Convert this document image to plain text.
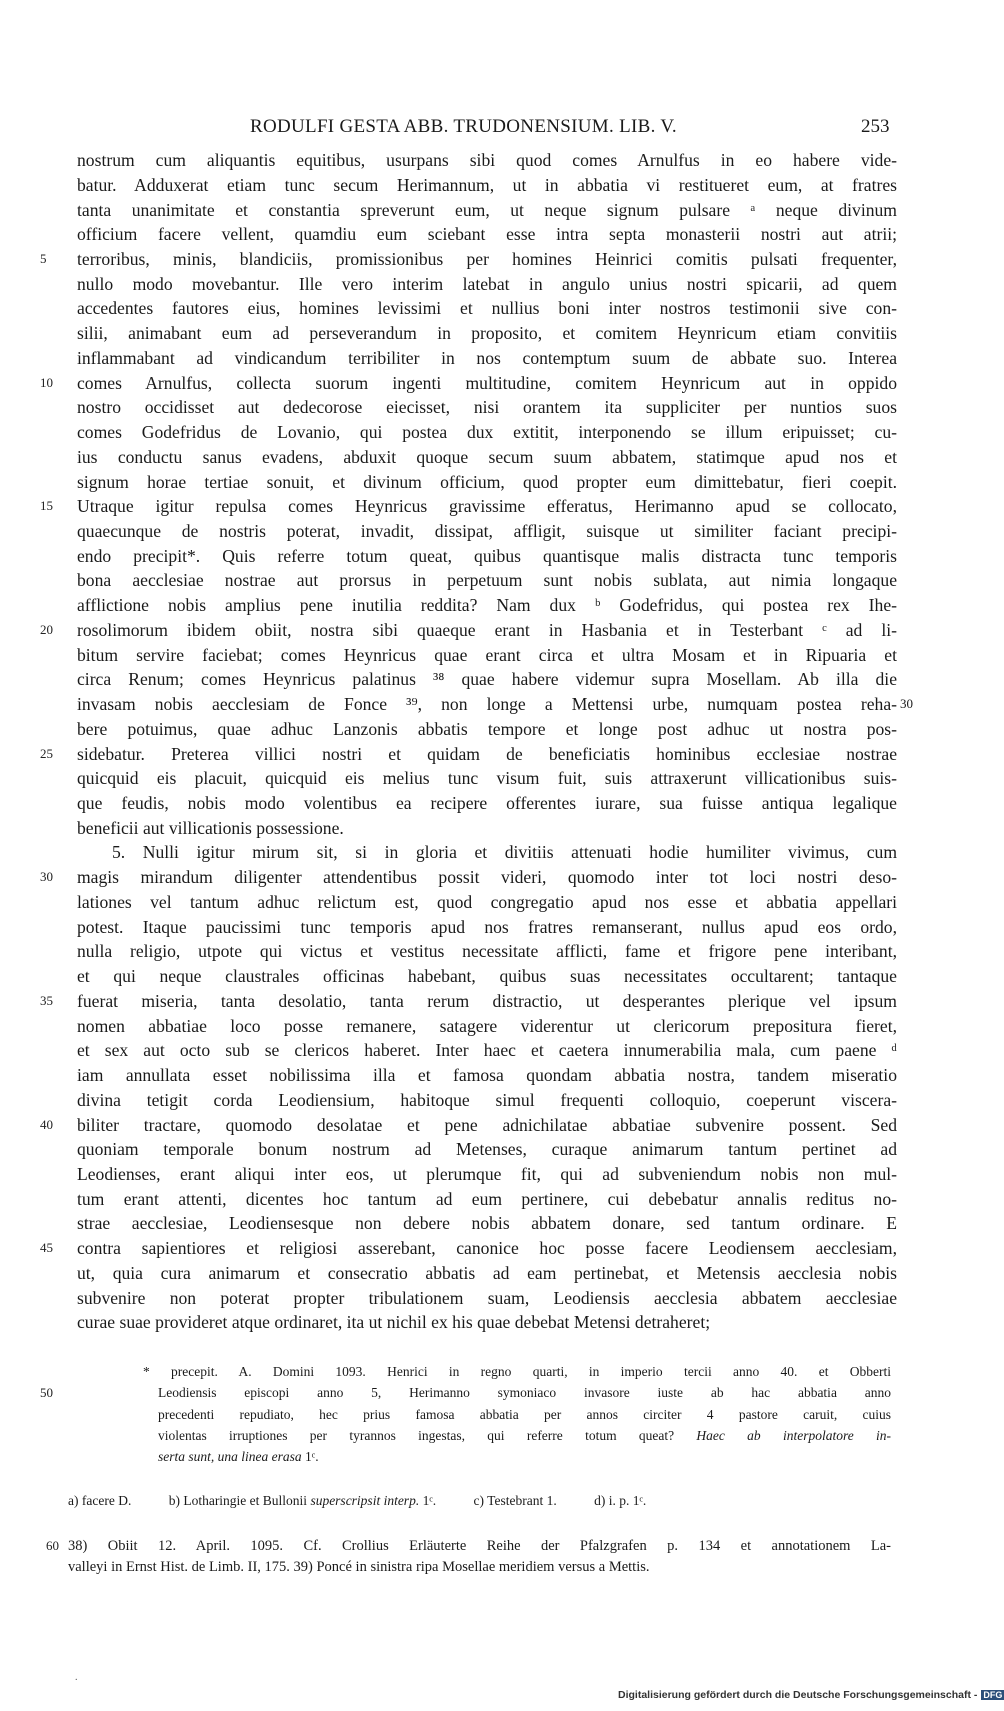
RODULFI GESTA ABB. TRUDONENSIUM. LIB. V.	253
nostrum cum aliquantis equitibus, usurpans sibi quod comes Arnulfus in eo habere vide-
batur. Adduxerat etiam tunc secum Herimannum, ut in abbatia vi restitueret eum, at fratres
tanta unanimitate et constantia spreverunt eum, ut neque signum pulsare ᵃ neque divinum
officium facere vellent, quamdiu eum sciebant esse intra septa monasterii nostri aut atrii;
5	terroribus, minis, blandiciis, promissionibus per homines Heinrici comitis pulsati frequenter,
nullo modo movebantur. Ille vero interim latebat in angulo unius nostri spicarii, ad quem
accedentes fautores eius, homines levissimi et nullius boni inter nostros testimonii sive con-
silii, animabant eum ad perseverandum in proposito, et comitem Heynricum etiam convitiis
inflammabant ad vindicandum terribiliter in nos contemptum suum de abbate suo. Interea
10	comes Arnulfus, collecta suorum ingenti multitudine, comitem Heynricum aut in oppido
nostro occidisset aut dedecorose eiecisset, nisi orantem ita suppliciter per nuntios suos
comes Godefridus de Lovanio, qui postea dux extitit, interponendo se illum eripuisset; cu-
ius conductu sanus evadens, abduxit quoque secum suum abbatem, statimque apud nos et
signum horae tertiae sonuit, et divinum officium, quod propter eum dimittebatur, fieri coepit.
15	Utraque igitur repulsa comes Heynricus gravissime efferatus, Herimanno apud se collocato,
quaecunque de nostris poterat, invadit, dissipat, affligit, suisque ut similiter faciant precipi-
endo precipit*. Quis referre totum queat, quibus quantisque malis distracta tunc temporis
bona aecclesiae nostrae aut prorsus in perpetuum sunt nobis sublata, aut nimia longaque
afflictione nobis amplius pene inutilia reddita? Nam dux ᵇ Godefridus, qui postea rex Ihe-
20	rosolimorum ibidem obiit, nostra sibi quaeque erant in Hasbania et in Testerbant ᶜ ad li-
bitum servire faciebat; comes Heynricus quae erant circa et ultra Mosam et in Ripuaria et
circa Renum; comes Heynricus palatinus ³⁸ quae habere videmur supra Mosellam. Ab illa die
invasam nobis aecclesiam de Fonce ³⁹, non longe a Mettensi urbe, numquam postea reha- 30
bere potuimus, quae adhuc Lanzonis abbatis tempore et longe post adhuc ut nostra pos-
25	sidebatur. Preterea villici nostri et quidam de beneficiatis hominibus ecclesiae nostrae
quicquid eis placuit, quicquid eis melius tunc visum fuit, suis attraxerunt villicationibus suis-
que feudis, nobis modo volentibus ea recipere offerentes iurare, sua fuisse antiqua legalique
beneficii aut villicationis possessione.
5. Nulli igitur mirum sit, si in gloria et divitiis attenuati hodie humiliter vivimus, cum
30	magis mirandum diligenter attendentibus possit videri, quomodo inter tot loci nostri deso-
lationes vel tantum adhuc relictum est, quod congregatio apud nos esse et abbatia appellari
potest. Itaque paucissimi tunc temporis apud nos fratres remanserant, nullus apud eos ordo,
nulla religio, utpote qui victus et vestitus necessitate afflicti, fame et frigore pene interibant,
et qui neque claustrales officinas habebant, quibus suas necessitates occultarent; tantaque
35	fuerat miseria, tanta desolatio, tanta rerum distractio, ut desperantes plerique vel ipsum
nomen abbatiae loco posse remanere, satagere viderentur ut clericorum prepositura fieret,
et sex aut octo sub se clericos haberet. Inter haec et caetera innumerabilia mala, cum paene ᵈ
iam annullata esset nobilissima illa et famosa quondam abbatia nostra, tandem miseratio
divina tetigit corda Leodiensium, habitoque simul frequenti colloquio, coeperunt viscera-
40	biliter tractare, quomodo desolatae et pene adnichilatae abbatiae subvenire possent. Sed
quoniam temporale bonum nostrum ad Metenses, curaque animarum tantum pertinet ad
Leodienses, erant aliqui inter eos, ut plerumque fit, qui ad subveniendum nobis non mul-
tum erant attenti, dicentes hoc tantum ad eum pertinere, cui debebatur annalis reditus no-
strae aecclesiae, Leodiensesque non debere nobis abbatem donare, sed tantum ordinare. E
45	contra sapientiores et religiosi asserebant, canonice hoc posse facere Leodiensem aecclesiam,
ut, quia cura animarum et consecratio abbatis ad eam pertinebat, et Metensis aecclesia nobis
subvenire non poterat propter tribulationem suam, Leodiensis aecclesia abbatem aecclesiae
curae suae provideret atque ordinaret, ita ut nichil ex his quae debebat Metensi detraheret;
* precepit. A. Domini 1093. Henrici in regno quarti, in imperio tercii anno 40. et Obberti
50	Leodiensis episcopi anno 5, Herimanno symoniaco invasore iuste ab hac abbatia anno
precedenti repudiato, hec prius famosa abbatia per annos circiter 4 pastore caruit, cuius
violentas irruptiones per tyrannos ingestas, qui referre totum queat? Haec ab interpolatore in-
serta sunt, una linea erasa 1ᶜ.
a) facere D.	b) Lotharingie et Bullonii superscripsit interp. 1ᶜ.	c) Testebrant 1.	d) i. p. 1ᶜ.
60 38) Obiit 12. April. 1095. Cf. Crollius Erläuterte Reihe der Pfalzgrafen p. 134 et annotationem La-
valleyi in Ernst Hist. de Limb. II, 175. 39) Poncé in sinistra ripa Mosellae meridiem versus a Mettis.
.
Digitalisierung gefördert durch die Deutsche Forschungsgemeinschaft - DFG
